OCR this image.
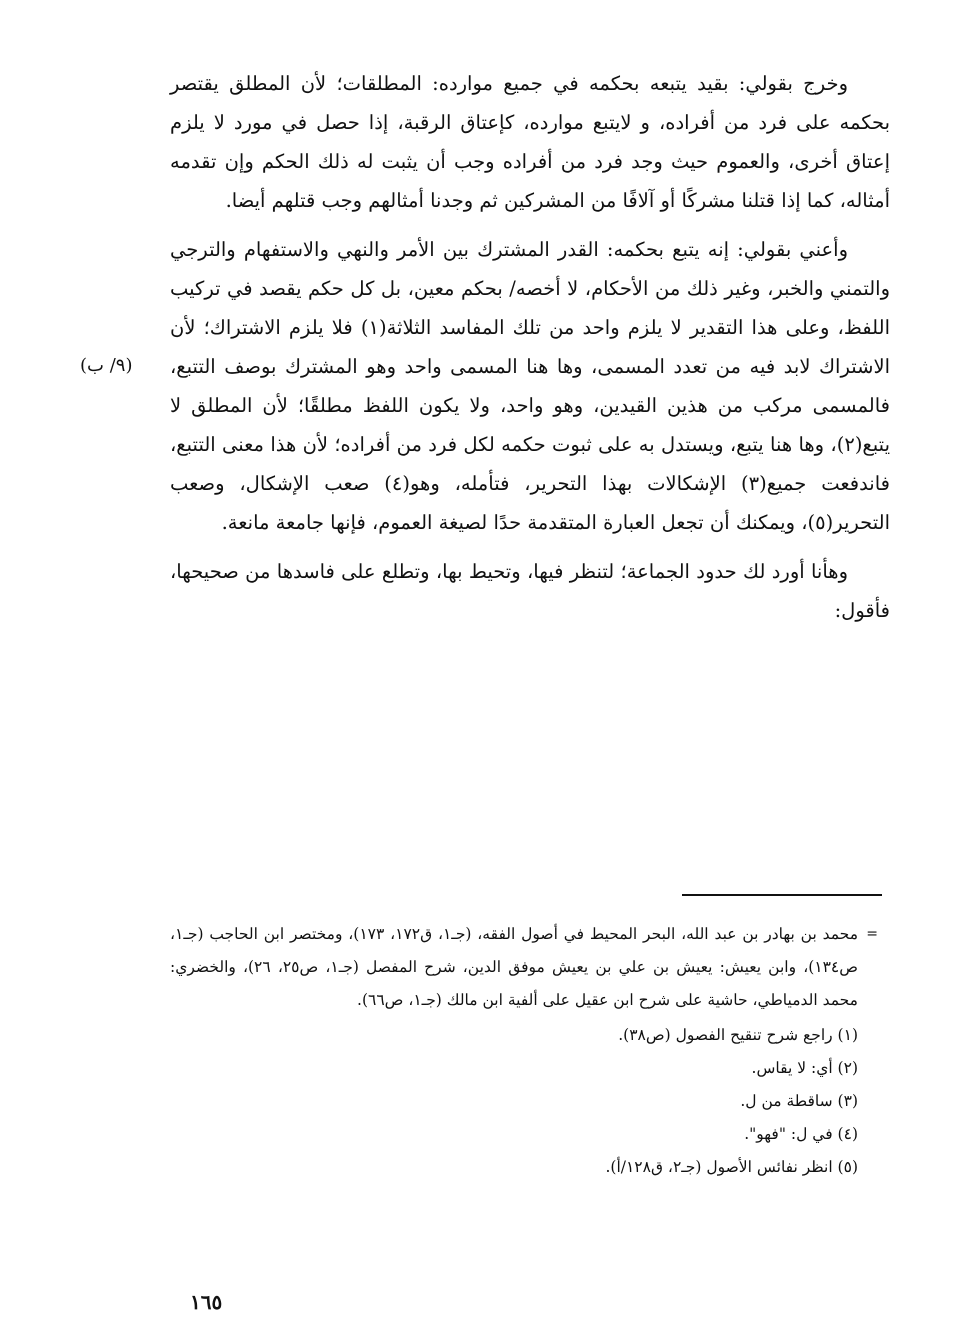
وخرج بقولي: بقيد يتبعه بحكمه في جميع موارده: المطلقات؛ لأن المطلق يقتصر بحكمه على فرد من أفراده، و لايتبع موارده، كإعتاق الرقبة، إذا حصل في مورد لا يلزم إعتاق أخرى، والعموم حيث وجد فرد من أفراده وجب أن يثبت له ذلك الحكم وإن تقدمه أمثاله، كما إذا قتلنا مشركًا أو آلافًا من المشركين ثم وجدنا أمثالهم وجب قتلهم أيضا.

وأعني بقولي: إنه يتبع بحكمه: القدر المشترك بين الأمر والنهي والاستفهام والترجي والتمني والخبر، وغير ذلك من الأحكام، لا أخصه/ بحكم معين، بل كل حكم يقصد في تركيب اللفظ، وعلى هذا التقدير لا يلزم واحد من تلك المفاسد الثلاثة(١) فلا يلزم الاشتراك؛ لأن الاشتراك لابد فيه من تعدد المسمى، وها هنا المسمى واحد وهو المشترك بوصف التتبع، فالمسمى مركب من هذين القيدين، وهو واحد، ولا يكون اللفظ مطلقًا؛ لأن المطلق لا يتبع(٢)، وها هنا يتبع، ويستدل به على ثبوت حكمه لكل فرد من أفراده؛ لأن هذا معنى التتبع، فاندفعت جميع(٣) الإشكالات بهذا التحرير، فتأمله، وهو(٤) صعب الإشكال، وصعب التحرير(٥)، ويمكنك أن تجعل العبارة المتقدمة حدًا لصيغة العموم، فإنها جامعة مانعة.

وهأنا أورد لك حدود الجماعة؛ لتنظر فيها، وتحيط بها، وتطلع على فاسدها من صحيحها، فأقول:

(٩/ ب)
=
محمد بن بهادر بن عبد الله، البحر المحيط في أصول الفقه، (جـ١، ق١٧٢، ١٧٣)، ومختصر ابن الحاجب (جـ١، ص١٣٤)، وابن يعيش: يعيش بن علي بن يعيش موفق الدين، شرح المفصل (جـ١، ص٢٥، ٢٦)، والخضري: محمد الدمياطي، حاشية على شرح ابن عقيل على ألفية ابن مالك (جـ١، ص٦٦).

(١) راجع شرح تنقيح الفصول (ص٣٨).

(٢) أي: لا يقاس.

(٣) ساقطة من ل.

(٤) في ل: "فهو".

(٥) انظر نفائس الأصول (جـ٢، ق١٢٨/أ).

١٦٥
